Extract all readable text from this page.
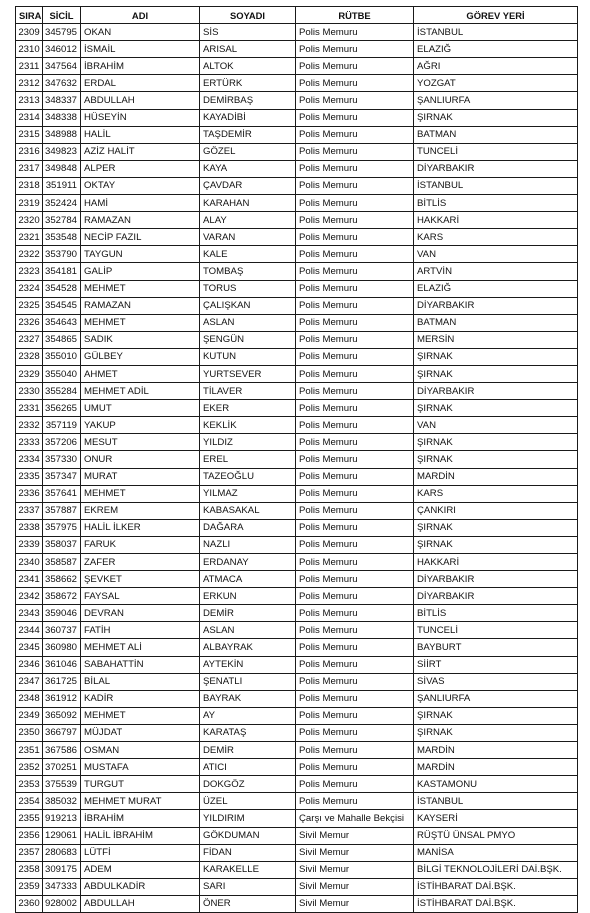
SIRA	SİCİL	ADI	SOYADI	RÜTBE	GÖREV YERİ
2309	345795	OKAN	SİS	Polis Memuru	İSTANBUL
2310	346012	İSMAİL	ARISAL	Polis Memuru	ELAZIĞ
2311	347564	İBRAHİM	ALTOK	Polis Memuru	AĞRI
2312	347632	ERDAL	ERTÜRK	Polis Memuru	YOZGAT
2313	348337	ABDULLAH	DEMİRBAŞ	Polis Memuru	ŞANLIURFA
2314	348338	HÜSEYİN	KAYADİBİ	Polis Memuru	ŞIRNAK
2315	348988	HALİL	TAŞDEMİR	Polis Memuru	BATMAN
2316	349823	AZİZ HALİT	GÖZEL	Polis Memuru	TUNCELİ
2317	349848	ALPER	KAYA	Polis Memuru	DİYARBAKIR
2318	351911	OKTAY	ÇAVDAR	Polis Memuru	İSTANBUL
2319	352424	HAMİ	KARAHAN	Polis Memuru	BİTLİS
2320	352784	RAMAZAN	ALAY	Polis Memuru	HAKKARİ
2321	353548	NECİP FAZIL	VARAN	Polis Memuru	KARS
2322	353790	TAYGUN	KALE	Polis Memuru	VAN
2323	354181	GALİP	TOMBAŞ	Polis Memuru	ARTVİN
2324	354528	MEHMET	TORUS	Polis Memuru	ELAZIĞ
2325	354545	RAMAZAN	ÇALIŞKAN	Polis Memuru	DİYARBAKIR
2326	354643	MEHMET	ASLAN	Polis Memuru	BATMAN
2327	354865	SADIK	ŞENGÜN	Polis Memuru	MERSİN
2328	355010	GÜLBEY	KUTUN	Polis Memuru	ŞIRNAK
2329	355040	AHMET	YURTSEVER	Polis Memuru	ŞIRNAK
2330	355284	MEHMET ADİL	TİLAVER	Polis Memuru	DİYARBAKIR
2331	356265	UMUT	EKER	Polis Memuru	ŞIRNAK
2332	357119	YAKUP	KEKLİK	Polis Memuru	VAN
2333	357206	MESUT	YILDIZ	Polis Memuru	ŞIRNAK
2334	357330	ONUR	EREL	Polis Memuru	ŞIRNAK
2335	357347	MURAT	TAZEOĞLU	Polis Memuru	MARDİN
2336	357641	MEHMET	YILMAZ	Polis Memuru	KARS
2337	357887	EKREM	KABASAKAL	Polis Memuru	ÇANKIRI
2338	357975	HALİL İLKER	DAĞARA	Polis Memuru	ŞIRNAK
2339	358037	FARUK	NAZLI	Polis Memuru	ŞIRNAK
2340	358587	ZAFER	ERDANAY	Polis Memuru	HAKKARİ
2341	358662	ŞEVKET	ATMACA	Polis Memuru	DİYARBAKIR
2342	358672	FAYSAL	ERKUN	Polis Memuru	DİYARBAKIR
2343	359046	DEVRAN	DEMİR	Polis Memuru	BİTLİS
2344	360737	FATİH	ASLAN	Polis Memuru	TUNCELİ
2345	360980	MEHMET ALİ	ALBAYRAK	Polis Memuru	BAYBURT
2346	361046	SABAHATTİN	AYTEKİN	Polis Memuru	SİİRT
2347	361725	BİLAL	ŞENATLI	Polis Memuru	SİVAS
2348	361912	KADİR	BAYRAK	Polis Memuru	ŞANLIURFA
2349	365092	MEHMET	AY	Polis Memuru	ŞIRNAK
2350	366797	MÜJDAT	KARATAŞ	Polis Memuru	ŞIRNAK
2351	367586	OSMAN	DEMİR	Polis Memuru	MARDİN
2352	370251	MUSTAFA	ATICI	Polis Memuru	MARDİN
2353	375539	TURGUT	DOKGÖZ	Polis Memuru	KASTAMONU
2354	385032	MEHMET MURAT	ÜZEL	Polis Memuru	İSTANBUL
2355	919213	İBRAHİM	YILDIRIM	Çarşı ve Mahalle Bekçisi	KAYSERİ
2356	129061	HALİL İBRAHİM	GÖKDUMAN	Sivil Memur	RÜŞTÜ ÜNSAL PMYO
2357	280683	LÜTFİ	FİDAN	Sivil Memur	MANİSA
2358	309175	ADEM	KARAKELLE	Sivil Memur	BİLGİ TEKNOLOJİLERİ DAİ.BŞK.
2359	347333	ABDULKADİR	SARI	Sivil Memur	İSTİHBARAT DAİ.BŞK.
2360	928002	ABDULLAH	ÖNER	Sivil Memur	İSTİHBARAT DAİ.BŞK.
